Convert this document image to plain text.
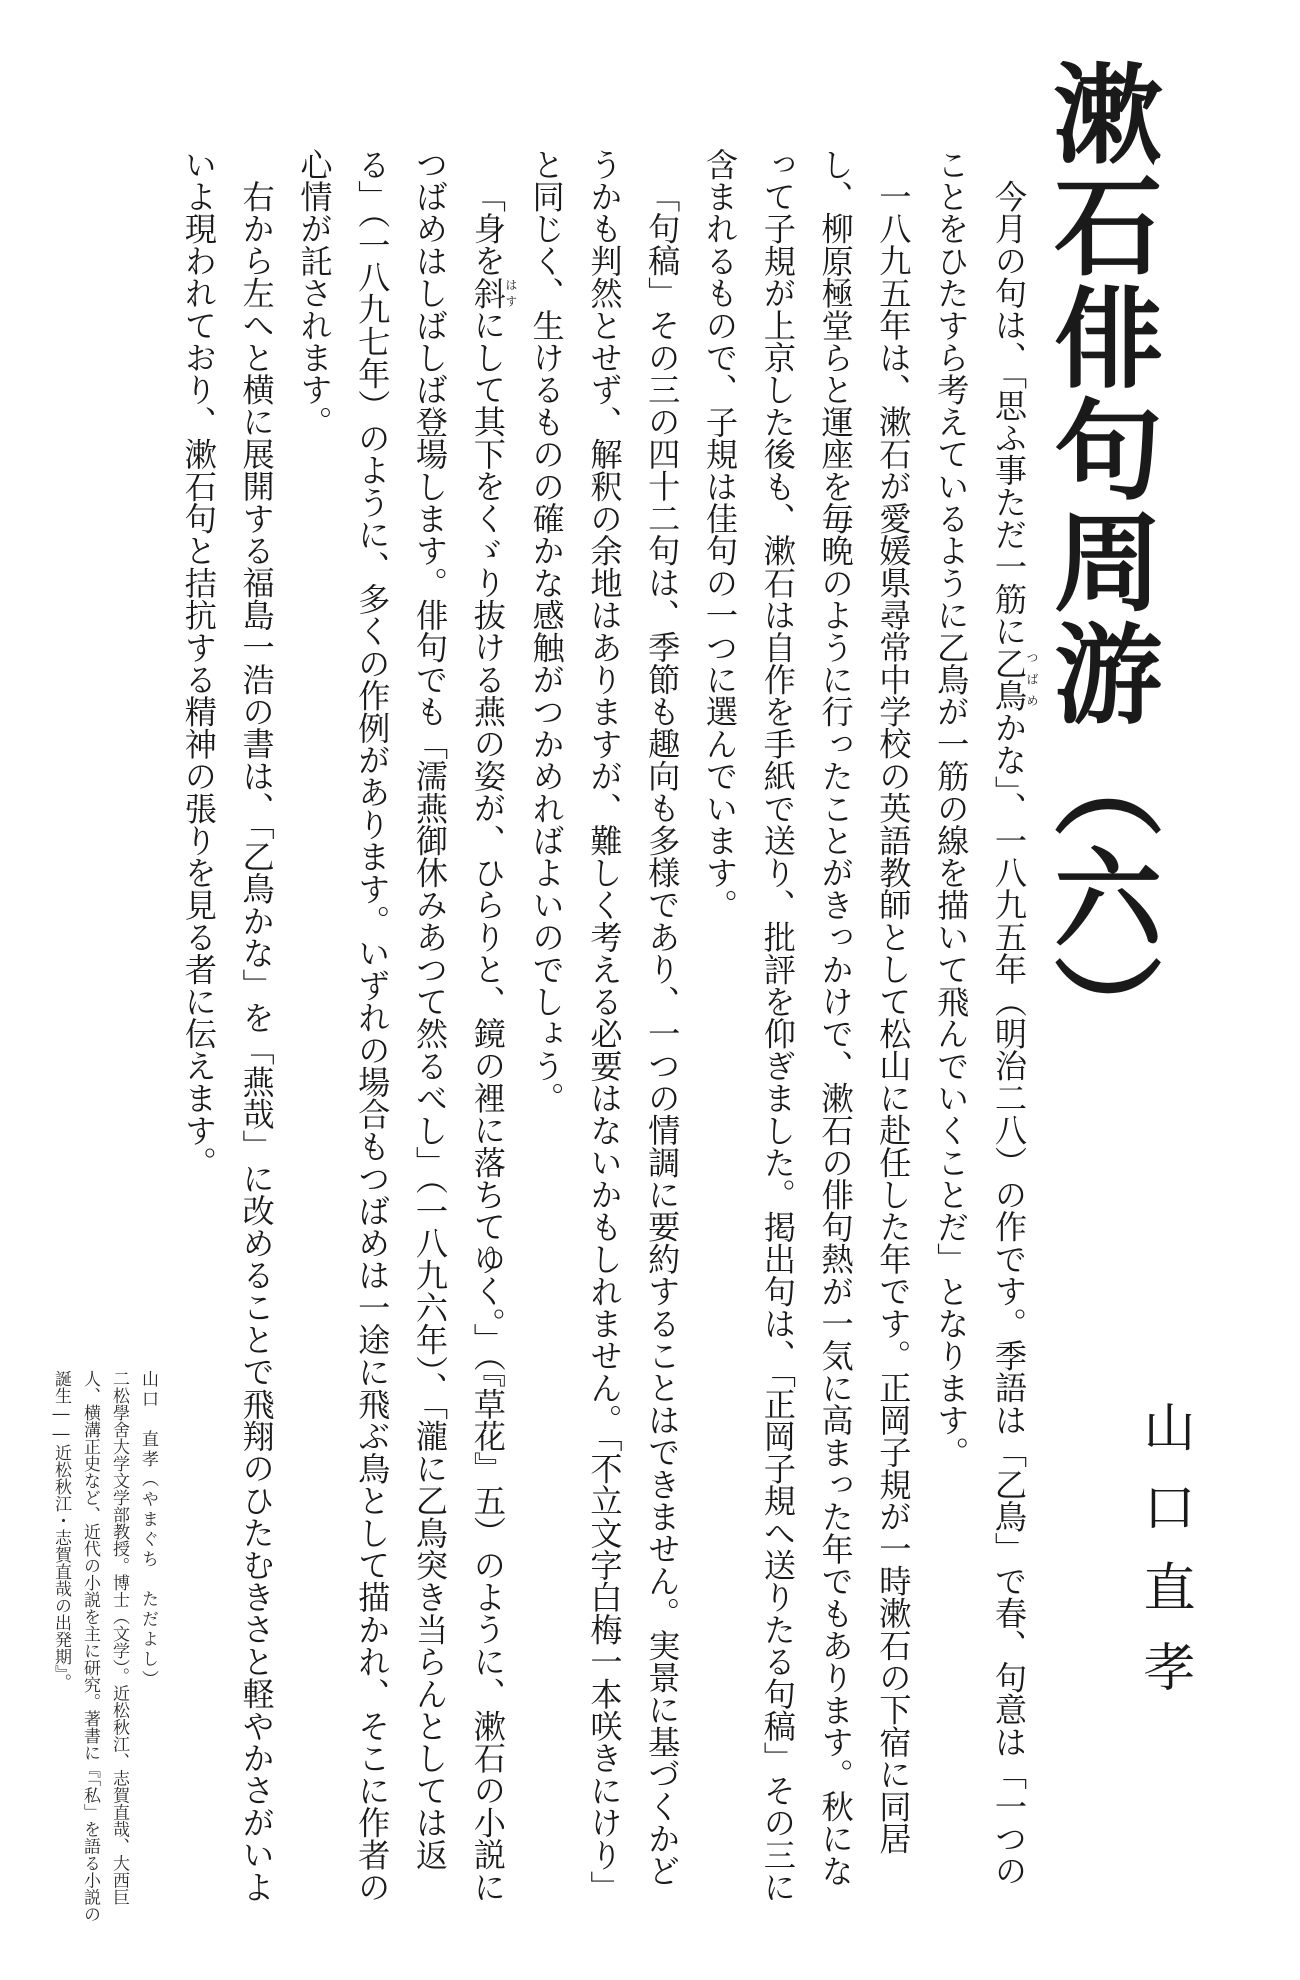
漱石俳句周游（六）
山口直孝

今月の句は、「思ふ事ただ一筋に乙鳥つばめかな」、一八九五年（明治二八）の作です。季語は「乙鳥」で春、句意は「一つのことをひたすら考えているように乙鳥が一筋の線を描いて飛んでいくことだ」となります。

一八九五年は、漱石が愛媛県尋常中学校の英語教師として松山に赴任した年です。正岡子規が一時漱石の下宿に同居し、柳原極堂らと運座を毎晩のように行ったことがきっかけで、漱石の俳句熱が一気に高まった年でもあります。秋になって子規が上京した後も、漱石は自作を手紙で送り、批評を仰ぎました。掲出句は、「正岡子規へ送りたる句稿」その三に含まれるもので、子規は佳句の一つに選んでいます。

「句稿」その三の四十二句は、季節も趣向も多様であり、一つの情調に要約することはできません。実景に基づくかどうかも判然とせず、解釈の余地はありますが、難しく考える必要はないかもしれません。「不立文字白梅一本咲きにけり」と同じく、生けるものの確かな感触がつかめればよいのでしょう。

「身を斜はすにして其下をくゞり抜ける燕の姿が、ひらりと、鏡の裡に落ちてゆく。」（『草花』五）のように、漱石の小説につばめはしばしば登場します。俳句でも「濡燕御休みあつて然るべし」（一八九六年）、「瀧に乙鳥突き当らんとしては返る」（一八九七年）のように、多くの作例があります。いずれの場合もつばめは一途に飛ぶ鳥として描かれ、そこに作者の心情が託されます。

右から左へと横に展開する福島一浩の書は、「乙鳥かな」を「燕哉」に改めることで飛翔のひたむきさと軽やかさがいよいよ現われており、漱石句と拮抗する精神の張りを見る者に伝えます。

山口　直孝（やまぐち　ただよし）

二松學舍大学文学部教授。博士（文学）。近松秋江、志賀直哉、大西巨人、横溝正史など、近代の小説を主に研究。著書に『「私」を語る小説の誕生――近松秋江・志賀直哉の出発期』。
